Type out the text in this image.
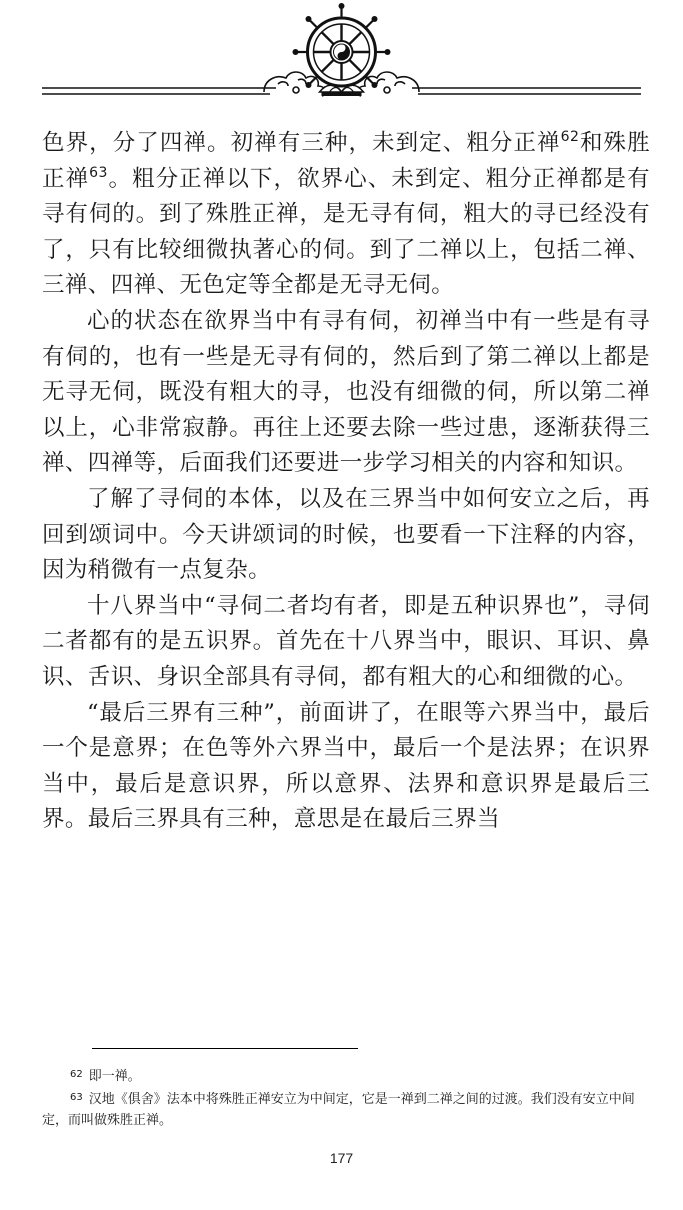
色界，分了四禅。初禅有三种，未到定、粗分正禅$^{62}$和殊胜正禅$^{63}$。粗分正禅以下，欲界心、未到定、粗分正禅都是有寻有伺的。到了殊胜正禅，是无寻有伺，粗大的寻已经没有了，只有比较细微执著心的伺。到了二禅以上，包括二禅、三禅、四禅、无色定等全都是无寻无伺。

心的状态在欲界当中有寻有伺，初禅当中有一些是有寻有伺的，也有一些是无寻有伺的，然后到了第二禅以上都是无寻无伺，既没有粗大的寻，也没有细微的伺，所以第二禅以上，心非常寂静。再往上还要去除一些过患，逐渐获得三禅、四禅等，后面我们还要进一步学习相关的内容和知识。

了解了寻伺的本体，以及在三界当中如何安立之后，再回到颂词中。今天讲颂词的时候，也要看一下注释的内容，因为稍微有一点复杂。

十八界当中“寻伺二者均有者，即是五种识界也”，寻伺二者都有的是五识界。首先在十八界当中，眼识、耳识、鼻识、舌识、身识全部具有寻伺，都有粗大的心和细微的心。

“最后三界有三种”，前面讲了，在眼等六界当中，最后一个是意界；在色等外六界当中，最后一个是法界；在识界当中，最后是意识界，所以意界、法界和意识界是最后三界。最后三界具有三种，意思是在最后三界当

$^{62}$ 即一禅。

$^{63}$ 汉地《俱舍》法本中将殊胜正禅安立为中间定，它是一禅到二禅之间的过渡。我们没有安立中间定，而叫做殊胜正禅。

177
